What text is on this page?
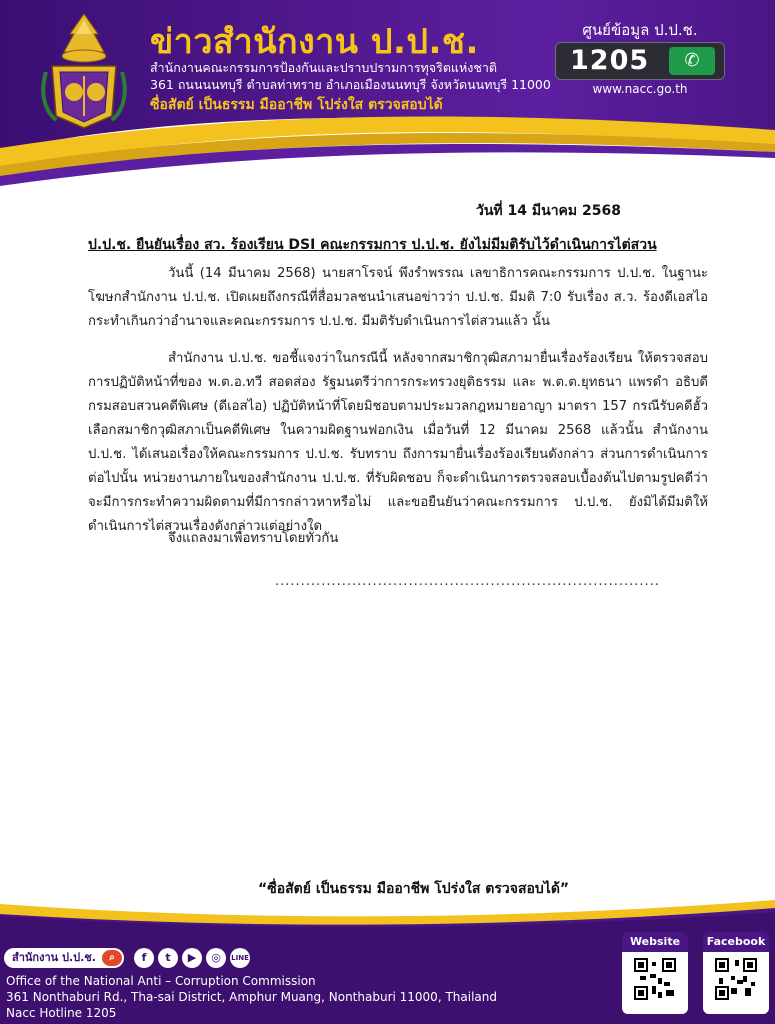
ข่าวสำนักงาน ป.ป.ช.
สำนักงานคณะกรรมการป้องกันและปราบปรามการทุจริตแห่งชาติ
361 ถนนนนทบุรี ตำบลท่าทราย อำเภอเมืองนนทบุรี จังหวัดนนทบุรี 11000
ซื่อสัตย์ เป็นธรรม มืออาชีพ โปร่งใส ตรวจสอบได้
ศูนย์ข้อมูล ป.ป.ช.
1205	✆
www.nacc.go.th
วันที่ 14 มีนาคม 2568
ป.ป.ช. ยืนยันเรื่อง สว. ร้องเรียน DSI คณะกรรมการ ป.ป.ช. ยังไม่มีมติรับไว้ดำเนินการไต่สวน

วันนี้ (14 มีนาคม 2568) นายสาโรจน์ พึงรำพรรณ เลขาธิการคณะกรรมการ ป.ป.ช. ในฐานะโฆษกสำนักงาน ป.ป.ช. เปิดเผยถึงกรณีที่สื่อมวลชนนำเสนอข่าวว่า ป.ป.ช. มีมติ 7:0 รับเรื่อง ส.ว. ร้องดีเอสไอ กระทำเกินกว่าอำนาจและคณะกรรมการ ป.ป.ช. มีมติรับดำเนินการไต่สวนแล้ว นั้น

สำนักงาน ป.ป.ช. ขอชี้แจงว่าในกรณีนี้ หลังจากสมาชิกวุฒิสภามายื่นเรื่องร้องเรียน ให้ตรวจสอบการปฏิบัติหน้าที่ของ พ.ต.อ.ทวี สอดส่อง รัฐมนตรีว่าการกระทรวงยุติธรรม และ พ.ต.ต.ยุทธนา แพรดำ อธิบดีกรมสอบสวนคดีพิเศษ (ดีเอสไอ) ปฏิบัติหน้าที่โดยมิชอบตามประมวลกฎหมายอาญา มาตรา 157 กรณีรับคดีฮั้วเลือกสมาชิกวุฒิสภาเป็นคดีพิเศษ ในความผิดฐานฟอกเงิน เมื่อวันที่ 12 มีนาคม 2568 แล้วนั้น สำนักงาน ป.ป.ช. ได้เสนอเรื่องให้คณะกรรมการ ป.ป.ช. รับทราบ ถึงการมายื่นเรื่องร้องเรียนดังกล่าว ส่วนการดำเนินการต่อไปนั้น หน่วยงานภายในของสำนักงาน ป.ป.ช. ที่รับผิดชอบ ก็จะดำเนินการตรวจสอบเบื้องต้นไปตามรูปคดีว่าจะมีการกระทำความผิดตามที่มีการกล่าวหาหรือไม่ และขอยืนยันว่าคณะกรรมการ ป.ป.ช. ยังมิได้มีมติให้ดำเนินการไต่สวนเรื่องดังกล่าวแต่อย่างใด

จึงแถลงมาเพื่อทราบโดยทั่วกัน
...........................................................................
“ซื่อสัตย์ เป็นธรรม มืออาชีพ โปร่งใส ตรวจสอบได้”
สำนักงาน ป.ป.ช.	⌕	f	t	▶	◎	LINE
Office of the National Anti – Corruption Commission
361 Nonthaburi Rd., Tha-sai District, Amphur Muang, Nonthaburi 11000, Thailand
Nacc Hotline 1205
Website	Facebook
